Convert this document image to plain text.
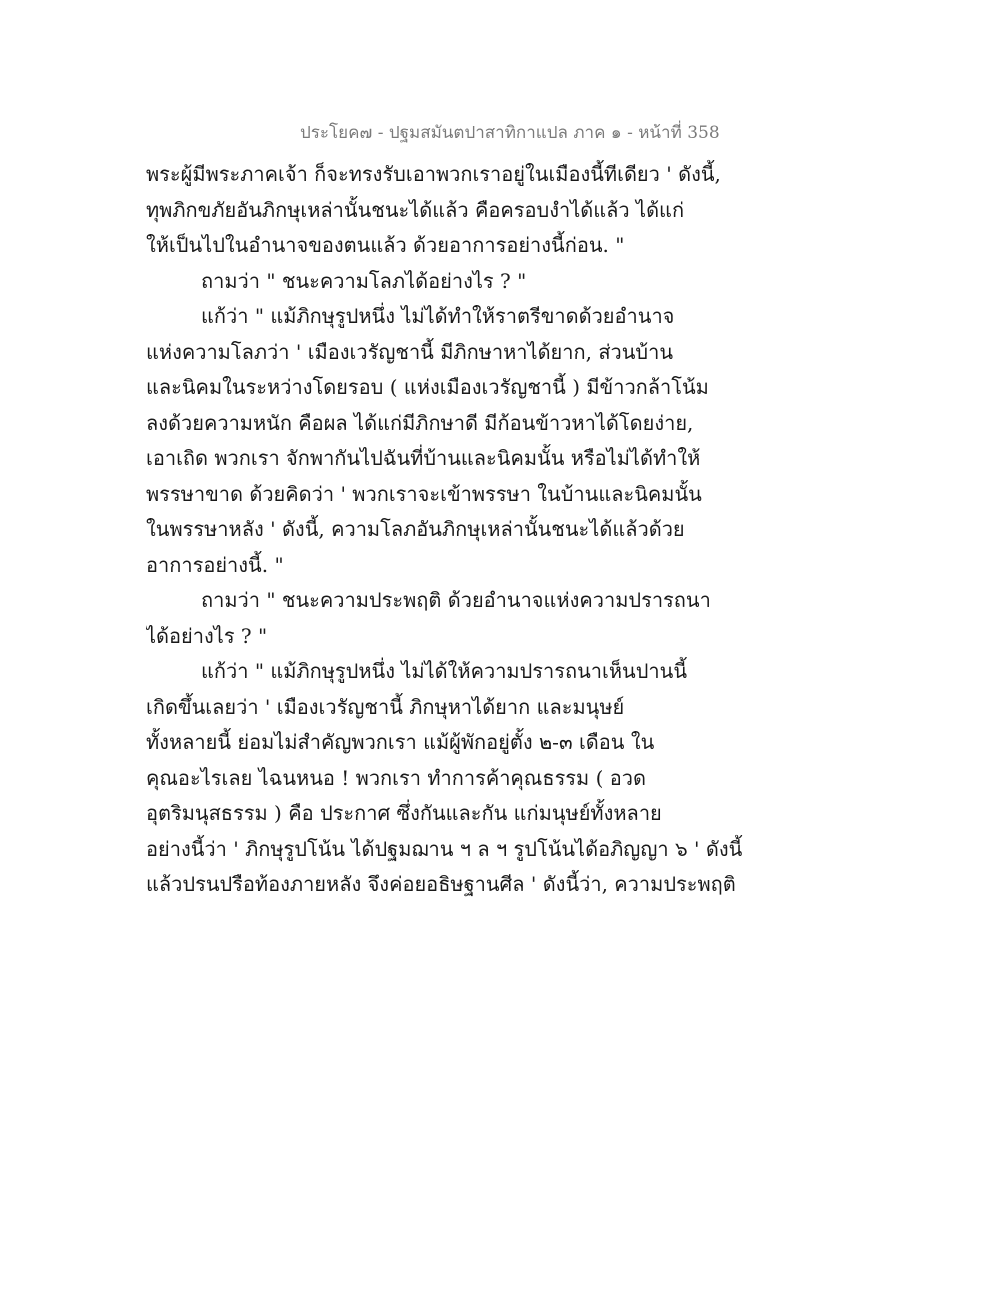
ประโยค๗ - ปฐมสมันตปาสาทิกาแปล ภาค ๑ - หน้าที่ 358
พระผู้มีพระภาคเจ้า ก็จะทรงรับเอาพวกเราอยู่ในเมืองนี้ทีเดียว ' ดังนี้,
ทุพภิกขภัยอันภิกษุเหล่านั้นชนะได้แล้ว คือครอบงำได้แล้ว ได้แก่
ให้เป็นไปในอำนาจของตนแล้ว ด้วยอาการอย่างนี้ก่อน. "
ถามว่า " ชนะความโลภได้อย่างไร ? "
แก้ว่า " แม้ภิกษุรูปหนึ่ง ไม่ได้ทำให้ราตรีขาดด้วยอำนาจ
แห่งความโลภว่า ' เมืองเวรัญชานี้ มีภิกษาหาได้ยาก, ส่วนบ้าน
และนิคมในระหว่างโดยรอบ ( แห่งเมืองเวรัญชานี้ ) มีข้าวกล้าโน้ม
ลงด้วยความหนัก คือผล ได้แก่มีภิกษาดี มีก้อนข้าวหาได้โดยง่าย,
เอาเถิด พวกเรา จักพากันไปฉันที่บ้านและนิคมนั้น หรือไม่ได้ทำให้
พรรษาขาด ด้วยคิดว่า ' พวกเราจะเข้าพรรษา ในบ้านและนิคมนั้น
ในพรรษาหลัง ' ดังนี้, ความโลภอันภิกษุเหล่านั้นชนะได้แล้วด้วย
อาการอย่างนี้. "
ถามว่า " ชนะความประพฤติ ด้วยอำนาจแห่งความปรารถนา
ได้อย่างไร ? "
แก้ว่า " แม้ภิกษุรูปหนึ่ง ไม่ได้ให้ความปรารถนาเห็นปานนี้
เกิดขึ้นเลยว่า ' เมืองเวรัญชานี้ ภิกษุหาได้ยาก และมนุษย์
ทั้งหลายนี้ ย่อมไม่สำคัญพวกเรา แม้ผู้พักอยู่ตั้ง ๒-๓ เดือน ใน
คุณอะไรเลย ไฉนหนอ ! พวกเรา ทำการค้าคุณธรรม ( อวด
อุตริมนุสธรรม ) คือ ประกาศ ซึ่งกันและกัน แก่มนุษย์ทั้งหลาย
อย่างนี้ว่า ' ภิกษุรูปโน้น ได้ปฐมฌาน ฯ ล ฯ รูปโน้นได้อภิญญา ๖ ' ดังนี้
แล้วปรนปรือท้องภายหลัง จึงค่อยอธิษฐานศีล ' ดังนี้ว่า, ความประพฤติ
